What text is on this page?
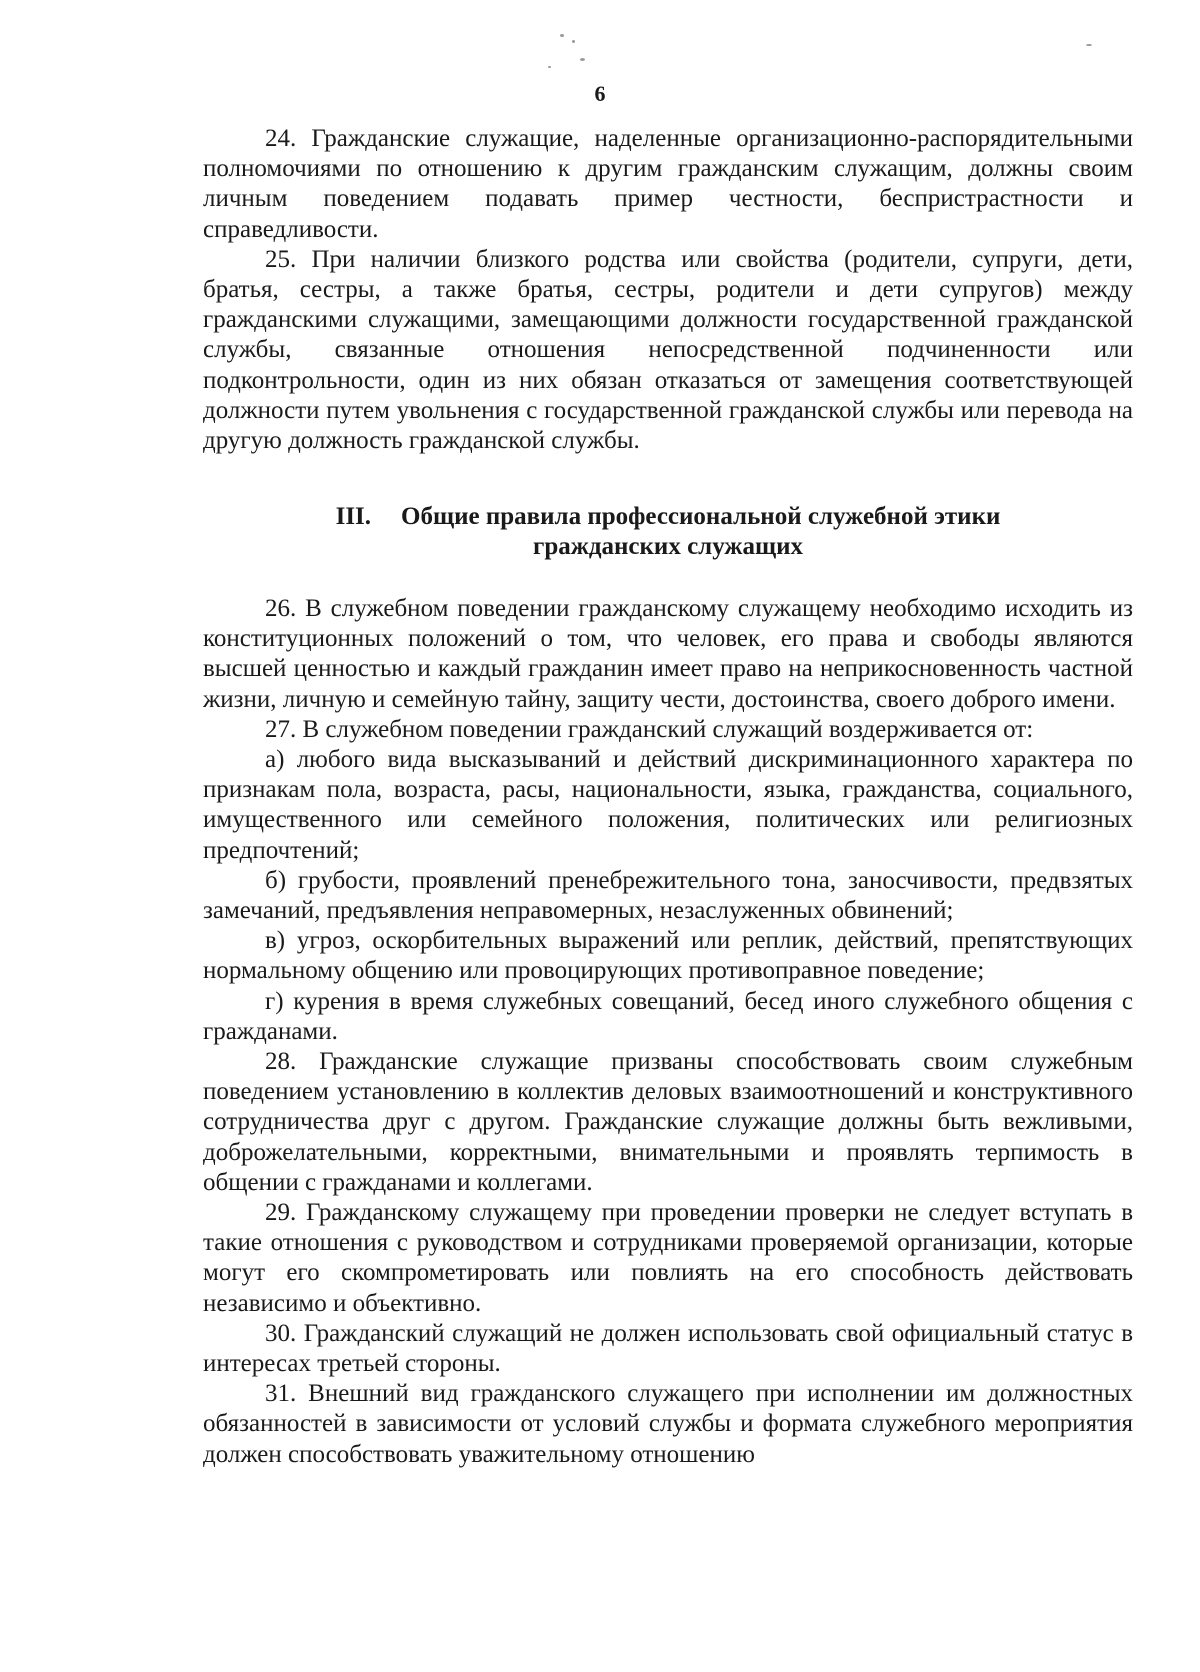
6

24. Гражданские служащие, наделенные организационно-распорядительными полномочиями по отношению к другим гражданским служащим, должны своим личным поведением подавать пример честности, беспристрастности и справедливости.

25. При наличии близкого родства или свойства (родители, супруги, дети, братья, сестры, а также братья, сестры, родители и дети супругов) между гражданскими служащими, замещающими должности государственной гражданской службы, связанные отношения непосредственной подчиненности или подконтрольности, один из них обязан отказаться от замещения соответствующей должности путем увольнения с государственной гражданской службы или перевода на другую должность гражданской службы.

III. Общие правила профессиональной служебной этики
гражданских служащих

26. В служебном поведении гражданскому служащему необходимо исходить из конституционных положений о том, что человек, его права и свободы являются высшей ценностью и каждый гражданин имеет право на неприкосновенность частной жизни, личную и семейную тайну, защиту чести, достоинства, своего доброго имени.

27. В служебном поведении гражданский служащий воздерживается от:

а) любого вида высказываний и действий дискриминационного характера по признакам пола, возраста, расы, национальности, языка, гражданства, социального, имущественного или семейного положения, политических или религиозных предпочтений;

б) грубости, проявлений пренебрежительного тона, заносчивости, предвзятых замечаний, предъявления неправомерных, незаслуженных обвинений;

в) угроз, оскорбительных выражений или реплик, действий, препятствующих нормальному общению или провоцирующих противоправное поведение;

г) курения в время служебных совещаний, бесед иного служебного общения с гражданами.

28. Гражданские служащие призваны способствовать своим служебным поведением установлению в коллектив деловых взаимоотношений и конструктивного сотрудничества друг с другом. Гражданские служащие должны быть вежливыми, доброжелательными, корректными, внимательными и проявлять терпимость в общении с гражданами и коллегами.

29. Гражданскому служащему при проведении проверки не следует вступать в такие отношения с руководством и сотрудниками проверяемой организации, которые могут его скомпрометировать или повлиять на его способность действовать независимо и объективно.

30. Гражданский служащий не должен использовать свой официальный статус в интересах третьей стороны.

31. Внешний вид гражданского служащего при исполнении им должностных обязанностей в зависимости от условий службы и формата служебного мероприятия должен способствовать уважительному отношению
